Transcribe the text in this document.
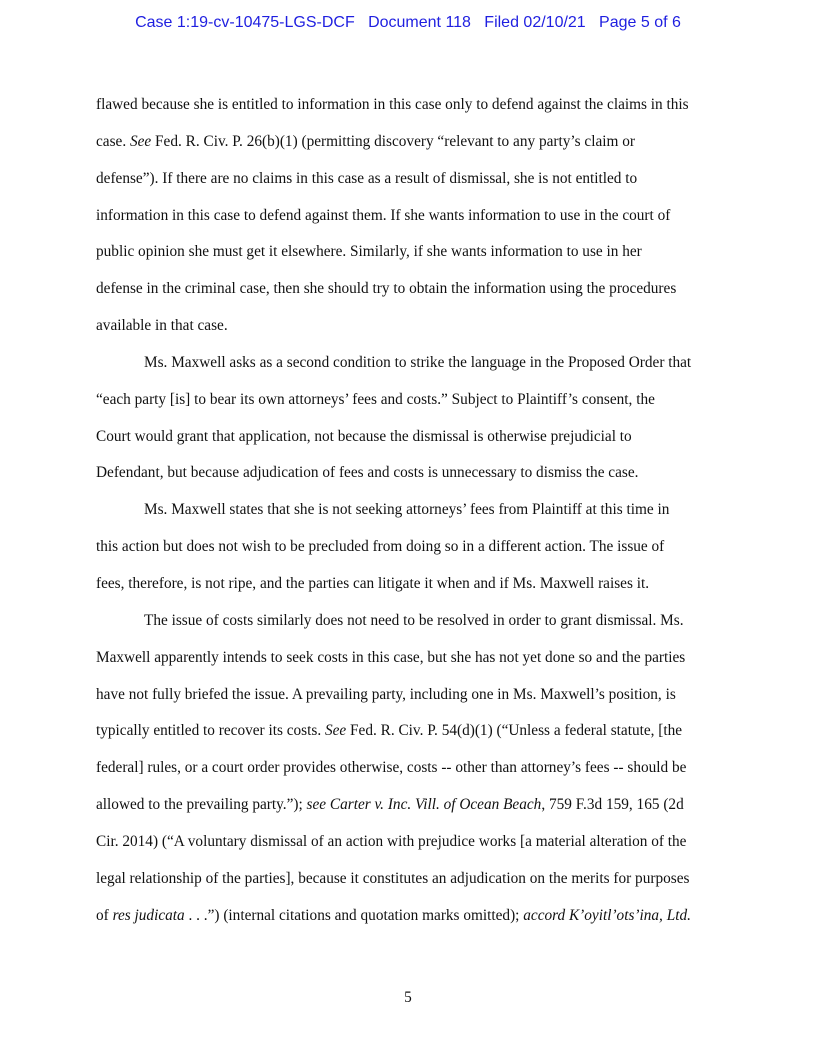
Case 1:19-cv-10475-LGS-DCF Document 118 Filed 02/10/21 Page 5 of 6
flawed because she is entitled to information in this case only to defend against the claims in this
case. See Fed. R. Civ. P. 26(b)(1) (permitting discovery “relevant to any party’s claim or
defense”). If there are no claims in this case as a result of dismissal, she is not entitled to
information in this case to defend against them. If she wants information to use in the court of
public opinion she must get it elsewhere. Similarly, if she wants information to use in her
defense in the criminal case, then she should try to obtain the information using the procedures
available in that case.
Ms. Maxwell asks as a second condition to strike the language in the Proposed Order that
“each party [is] to bear its own attorneys’ fees and costs.” Subject to Plaintiff’s consent, the
Court would grant that application, not because the dismissal is otherwise prejudicial to
Defendant, but because adjudication of fees and costs is unnecessary to dismiss the case.
Ms. Maxwell states that she is not seeking attorneys’ fees from Plaintiff at this time in
this action but does not wish to be precluded from doing so in a different action. The issue of
fees, therefore, is not ripe, and the parties can litigate it when and if Ms. Maxwell raises it.
The issue of costs similarly does not need to be resolved in order to grant dismissal. Ms.
Maxwell apparently intends to seek costs in this case, but she has not yet done so and the parties
have not fully briefed the issue. A prevailing party, including one in Ms. Maxwell’s position, is
typically entitled to recover its costs. See Fed. R. Civ. P. 54(d)(1) (“Unless a federal statute, [the
federal] rules, or a court order provides otherwise, costs -- other than attorney’s fees -- should be
allowed to the prevailing party.”); see Carter v. Inc. Vill. of Ocean Beach, 759 F.3d 159, 165 (2d
Cir. 2014) (“A voluntary dismissal of an action with prejudice works [a material alteration of the
legal relationship of the parties], because it constitutes an adjudication on the merits for purposes
of res judicata . . .”) (internal citations and quotation marks omitted); accord K’oyitl’ots’ina, Ltd.
5
